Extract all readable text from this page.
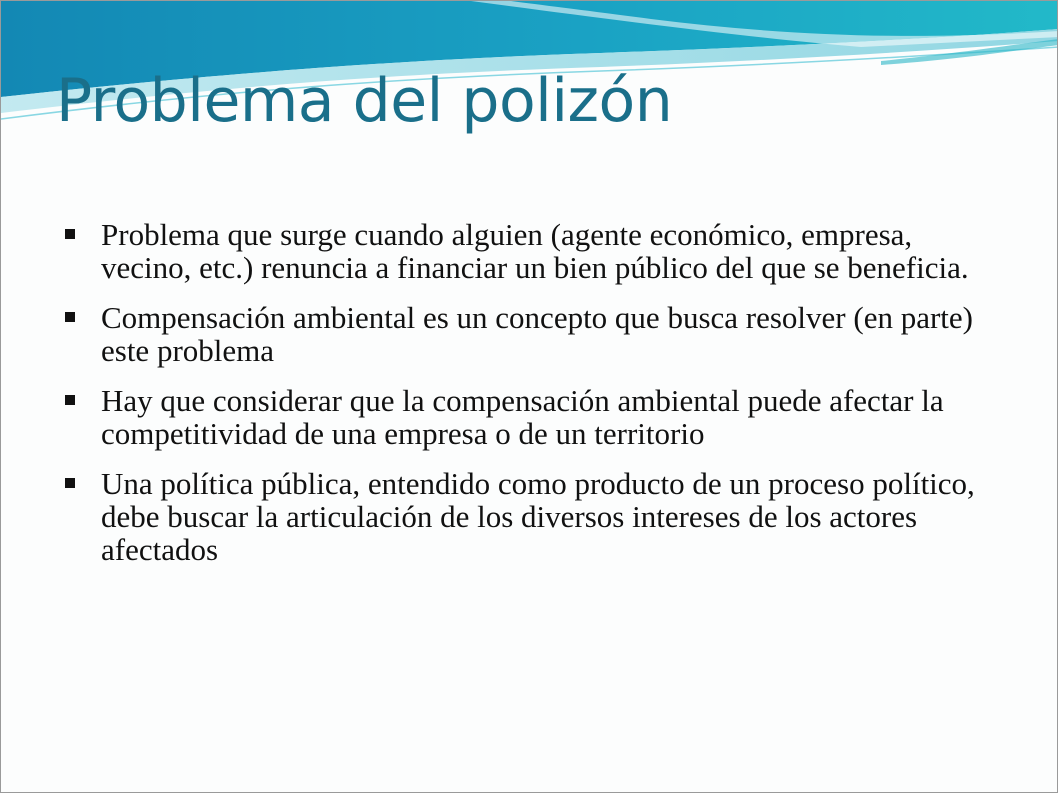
Problema del polizón
Problema que surge cuando alguien (agente económico, empresa, vecino, etc.) renuncia a financiar un bien público del que se beneficia.
Compensación ambiental es un concepto que busca resolver (en parte) este problema
Hay que considerar que la compensación ambiental puede afectar la competitividad de una empresa o de un territorio
Una política pública, entendido como producto de un proceso político, debe buscar la articulación de los diversos intereses de los actores afectados
